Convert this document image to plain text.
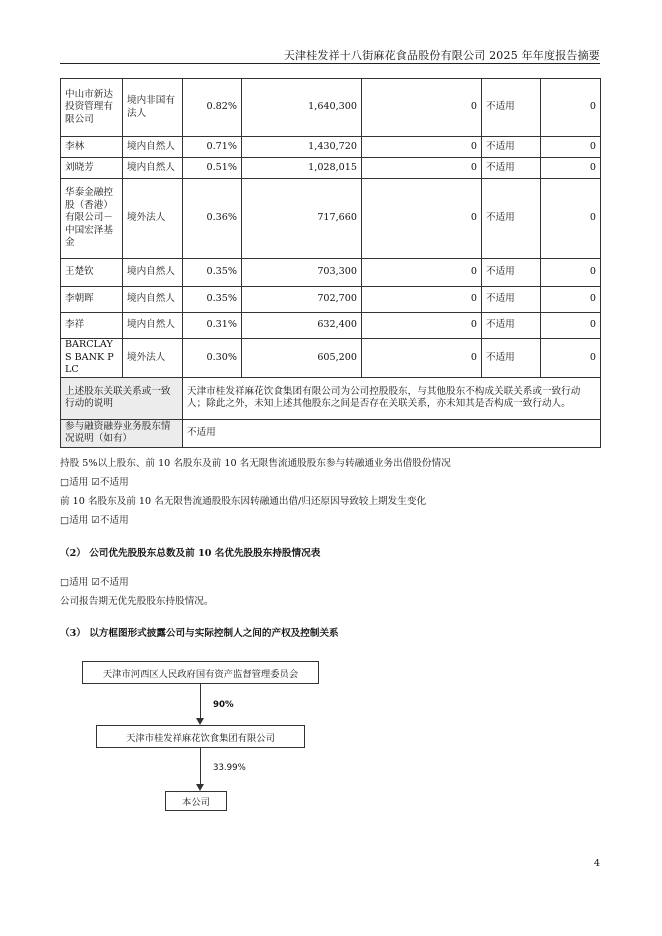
天津桂发祥十八街麻花食品股份有限公司 2025 年年度报告摘要
中山市新达投资管理有限公司	境内非国有法人	0.82%	1,640,300	0	不适用	0
李林	境内自然人	0.71%	1,430,720	0	不适用	0
刘晓芳	境内自然人	0.51%	1,028,015	0	不适用	0
华泰金融控股（香港）有限公司－中国宏泽基金	境外法人	0.36%	717,660	0	不适用	0
王楚钦	境内自然人	0.35%	703,300	0	不适用	0
李朝晖	境内自然人	0.35%	702,700	0	不适用	0
李祥	境内自然人	0.31%	632,400	0	不适用	0
BARCLAYS BANK PLC	境外法人	0.30%	605,200	0	不适用	0
上述股东关联关系或一致行动的说明		天津市桂发祥麻花饮食集团有限公司为公司控股股东，与其他股东不构成关联关系或一致行动人；除此之外，未知上述其他股东之间是否存在关联关系，亦未知其是否构成一致行动人。				
参与融资融券业务股东情况说明（如有）		不适用				
持股 5%以上股东、前 10 名股东及前 10 名无限售流通股股东参与转融通业务出借股份情况
□适用 ☑不适用
前 10 名股东及前 10 名无限售流通股股东因转融通出借/归还原因导致较上期发生变化
□适用 ☑不适用
（2） 公司优先股股东总数及前 10 名优先股股东持股情况表
□适用 ☑不适用
公司报告期无优先股股东持股情况。
（3） 以方框图形式披露公司与实际控制人之间的产权及控制关系
天津市河西区人民政府国有资产监督管理委员会
90%
天津市桂发祥麻花饮食集团有限公司
33.99%
本公司
4
